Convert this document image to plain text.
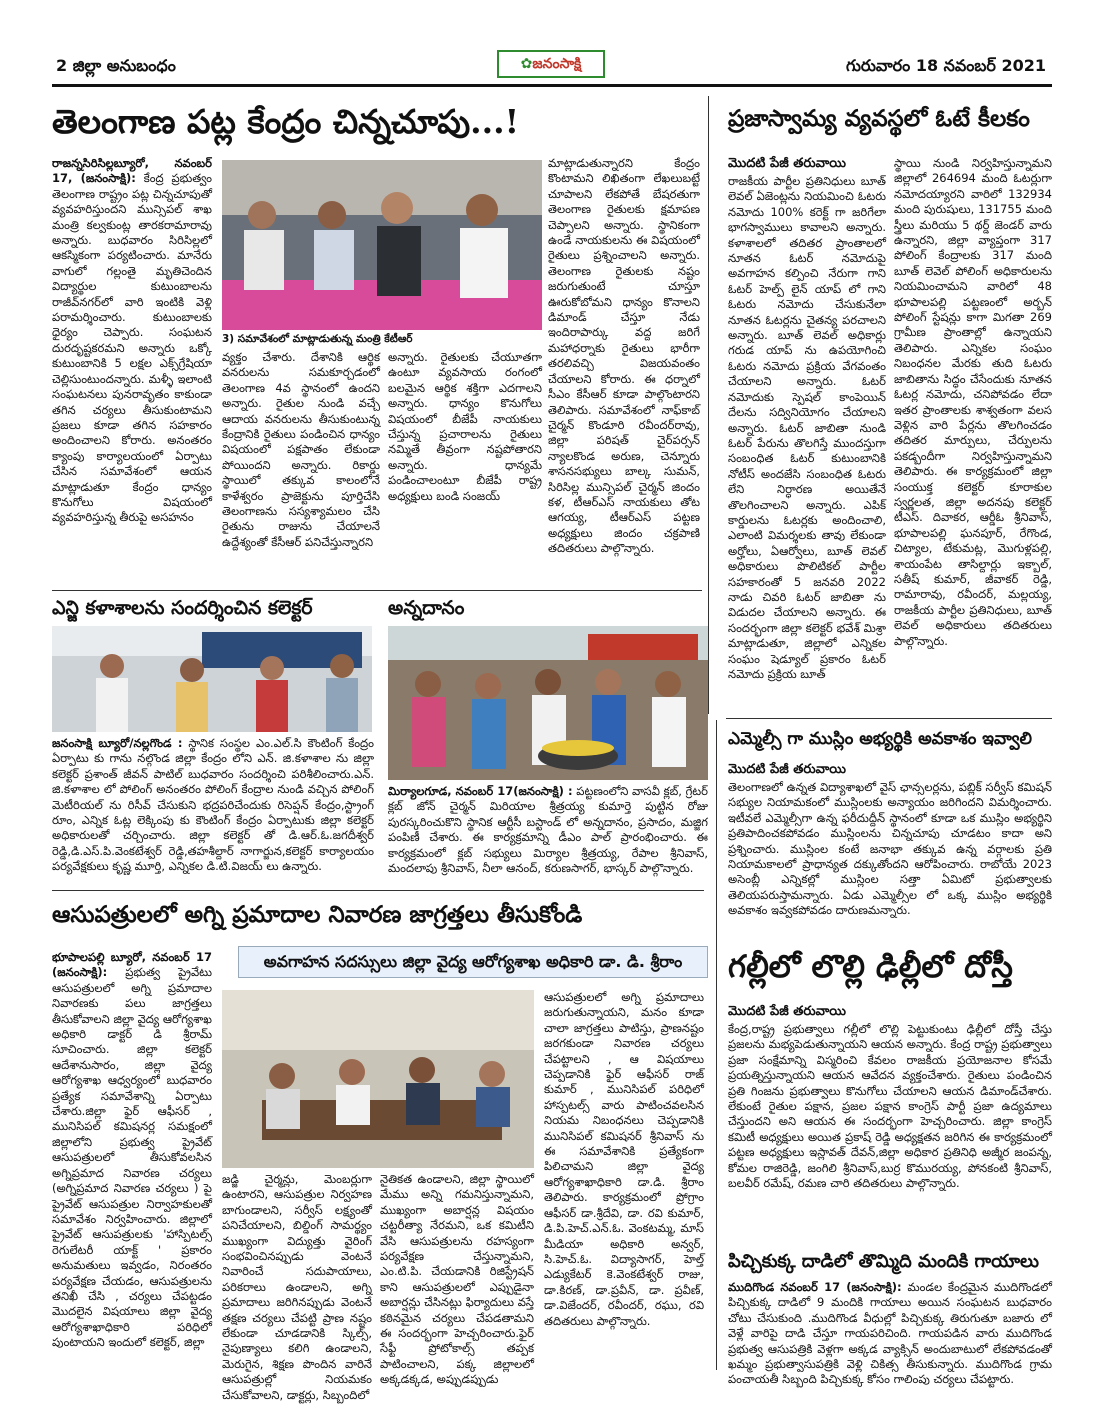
2 జిల్లా అనుబంధం	✿జనంసాక్షి	గురువారం 18 నవంబర్ 2021
తెలంగాణ పట్ల కేంద్రం చిన్నచూపు...!
3) సమావేశంలో మాట్లాడుతున్న మంత్రి కేటీఆర్
రాజన్నసిరిసిల్లబ్యూరో, నవంబర్ 17, (జనంసాక్షి): కేంద్ర ప్రభుత్వం తెలంగాణ రాష్ట్రం పట్ల చిన్నచూపుతో వ్యవహరిస్తుందని మున్సిపల్ శాఖ మంత్రి కల్వకుంట్ల తారకరామారావు అన్నారు. బుధవారం సిరిసిల్లలో ఆకస్మికంగా పర్యటించారు. మానేరు వాగులో గల్లంతై మృతిచెందిన విద్యార్థుల కుటుంబాలను రాజీవ్‌నగర్‌లో వారి ఇంటికి వెళ్లి పరామర్శించారు. కుటుంబాలకు ధైర్యం చెప్పారు. సంఘటన దురదృష్టకరమని అన్నారు ఒక్కో కుటుంబానికి 5 లక్షల ఎక్స్‌గ్రేషియా చెల్లిసుంటుందన్నారు. మళ్ళీ ఇలాంటి సంఘటనలు పునరావృతం కాకుండా తగిన చర్యలు తీసుకుంటామని ప్రజలు కూడా తగిన సహకారం అందించాలని కోరారు. అనంతరం క్యాంపు కార్యాలయంలో ఏర్పాటు చేసిన సమావేశంలో ఆయన మాట్లాడుతూ కేంద్రం ధాన్యం కొనుగోలు విషయంలో వ్యవహరిస్తున్న తీరుపై అసహనం
వ్యక్తం చేశారు. దేశానికి ఆర్థిక వనరులను సమకూర్చడంలో తెలంగాణ 4వ స్థానంలో ఉందని అన్నారు. రైతుల నుండి వచ్చే ఆదాయ వనరులను తీసుకుంటున్న కేంద్రానికి రైతులు పండించిన ధాన్యం విషయంలో పక్షపాతం లేకుండా పోయిందని అన్నారు. రికార్డు స్థాయిలో తక్కువ కాలంలోనే కాళేశ్వరం ప్రాజెక్టును పూర్తిచేసి తెలంగాణను సస్యశ్యామలం చేసి రైతును రాజును చేయాలనే ఉద్దేశ్యంతో కేసీఆర్ పనిచేస్తున్నారని
అన్నారు. రైతులకు చేయూతగా ఉంటూ వ్యవసాయ రంగంలో బలమైన ఆర్థిక శక్తిగా ఎదగాలని అన్నారు. ధాన్యం కొనుగోలు విషయంలో బీజేపీ నాయకులు చేస్తున్న ప్రచారాలను రైతులు నమ్మితే తీవ్రంగా నష్టపోతారని అన్నారు. ధాన్యమే పండించాలంటూ బీజేపీ రాష్ట్ర అధ్యక్షులు బండి సంజయ్
మాట్లాడుతున్నారని కేంద్రం కొంటామని లిఖితంగా లేఖలుబట్టే చూపాలని లేకపోతే బేషరతుగా తెలంగాణ రైతులకు క్షమాపణ చెప్పాలని అన్నారు. స్థానికంగా ఉండే నాయకులను ఈ విషయంలో రైతులు ప్రశ్నించాలని అన్నారు. తెలంగాణ రైతులకు నష్టం జరుగుతుంటే చూస్తూ ఊరుకోబోమని ధాన్యం కొనాలని డిమాండ్ చేస్తూ నేడు ఇందిరాపార్కు వద్ద జరిగే మహాధర్నాకు రైతులు భారీగా తరలివచ్చి విజయవంతం చేయాలని కోరారు. ఈ ధర్నాలో సీఎం కేసీఆర్ కూడా పాల్గొంటారని తెలిపారు. సమావేశంలో నాఫ్‌కాబ్ చైర్మన్ కొండూరి రవీందర్‌రావు, జిల్లా పరిషత్ చైర్‌పర్సన్ న్యాలకొండ అరుణ, చెన్నూరు శాసనసభ్యులు బాల్క సుమన్, సిరిసిల్ల మున్సిపల్ చైర్మన్ జిందం కళ, టీఆర్ఎస్ నాయకులు తోట ఆగయ్య, టీఆర్ఎస్ పట్టణ అధ్యక్షులు జిందం చక్రపాణి తదితరులు పాల్గొన్నారు.
ఎన్జి కళాశాలను సందర్శించిన కలెక్టర్
జనంసాక్షి బ్యూరో/నల్లగొండ : స్థానిక సంస్థల ఎం.ఎల్.సి కౌంటింగ్ కేంద్రం ఏర్పాటు కు గాను నల్గొండ జిల్లా కేంద్రం లోని ఎన్. జి.కళాశాల ను జిల్లా కలెక్టర్ ప్రశాంత్ జీవన్ పాటిల్ బుధవారం సందర్శించి పరిశీలించారు.ఎన్. జి.కళాశాల లో పోలింగ్ అనంతరం పోలింగ్ కేంద్రాల నుండి వచ్చిన పోలింగ్ మెటీరియల్ ను రిసీవ్ చేసుకుని భద్రపరిచేందుకు రిసెప్షన్ కేంద్రం,స్ట్రాంగ్ రూం, ఎన్నిక ఓట్ల లెక్కింపు కు కౌంటింగ్ కేంద్రం ఏర్పాటుకు జిల్లా కలెక్టర్ అధికారులతో చర్చించారు. జిల్లా కలెక్టర్ తో డి.ఆర్.ఓ.జగదీశ్వర్ రెడ్డి,డి.ఎస్.పి.వెంకటేశ్వర్ రెడ్డి,తహశీల్దార్ నాగార్జున,కలెక్టర్ కార్యాలయం పర్యవేక్షకులు కృష్ణ మూర్తి, ఎన్నికల డి.టి.విజయ్ లు ఉన్నారు.
అన్నదానం
మిర్యాలగూడ, నవంబర్ 17(జనంసాక్షి) : పట్టణంలోని వాసవీ క్లబ్, గ్రేటర్ క్లబ్ జోన్ చైర్మన్ మిరియాల శ్రీత్రయ్య కుమార్తె పుట్టిన రోజు పురస్కరించుకొని స్థానిక ఆర్టీసీ బస్టాండ్ లో అన్నదానం, ప్రసాదం, మజ్జిగ పంపిణీ చేశారు. ఈ కార్యక్రమాన్ని డీఎం పాల్ ప్రారంభించారు. ఈ కార్యక్రమంలో క్లబ్ సభ్యులు మిర్యాల శ్రీత్రయ్య, రేపాల శ్రీనివాస్, మందలాపు శ్రీనివాస్, నీలా ఆనంద్, కరుణసాగర్, భాస్కర్ పాల్గొన్నారు.
ప్రజాస్వామ్య వ్యవస్థలో ఓటే కీలకం
మొదటి పేజీ తరువాయి
రాజకీయ పార్టీల ప్రతినిధులు బూత్ లెవల్ ఏజెంట్లను నియమించి ఓటరు నమోదు 100% కరెక్ట్ గా జరిగేలా భాగస్వాములు కావాలని అన్నారు. కళాశాలలో తదితర ప్రాంతాలలో నూతన ఓటర్ నమోదుపై అవగాహన కల్పించి నేరుగా గాని ఓటర్ హెల్ప్ లైన్ యాప్ లో గాని ఓటరు నమోదు చేసుకునేలా నూతన ఓటర్లను చైతన్య పరచాలని అన్నారు. బూత్ లెవల్ అధికార్లు గరుడ యాప్ ను ఉపయోగించి ఓటరు నమోదు ప్రక్రియ వేగవంతం చేయాలని అన్నారు. ఓటర్ నమోదుకు స్పెషల్ కాంపెయిన్ దేలను సద్వినియోగం చేయాలని అన్నారు. ఓటర్ జాబితా నుండి ఓటర్ పేరును తొలగిస్తే ముందస్తుగా సంబంధిత ఓటర్ కుటుంబానికి నోటీస్ అందజేసి సంబంధిత ఓటరు లేని నిర్ధారణ అయితేనే తొలగించాలని అన్నారు. ఎపిక్ కార్డులను ఓటర్లకు అందించాలి, ఎలాంటి విమర్శలకు తావు లేకుండా అర్హోలు, ఏఆర్వోలు, బూత్ లెవల్ అధికారులు పొలిటికల్ పార్టీల సహకారంతో 5 జనవరి 2022 నాడు చివరి ఓటర్ జాబితా ను విడుదల చేయాలని అన్నారు. ఈ సందర్భంగా జిల్లా కలెక్టర్ భవేశ్ మిశ్రా మాట్లాడుతూ, జిల్లాలో ఎన్నికల సంఘం షెడ్యూల్ ప్రకారం ఓటర్ నమోదు ప్రక్రియ బూత్
స్థాయి నుండి నిర్వహిస్తున్నామని జిల్లాలో 264694 మంది ఓటర్లుగా నమోదయ్యారని వారిలో 132934 మంది పురుషులు, 131755 మంది స్త్రీలు మరియు 5 థర్డ్ జెండర్ వారు ఉన్నారని, జిల్లా వ్యాప్తంగా 317 పోలింగ్ కేంద్రాలకు 317 మంది బూత్ లెవెల్ పోలింగ్ అధికారులను నియమించామని వారిలో 48 భూపాలపల్లి పట్టణంలో అర్బన్ పోలింగ్ స్టేషన్లు కాగా మిగతా 269 గ్రామీణ ప్రాంతాల్లో ఉన్నాయని తెలిపారు. ఎన్నికల సంఘం నిబంధనల మేరకు తుది ఓటరు జాబితాను సిద్ధం చేసేందుకు నూతన ఓటర్ల నమోదు, చనిపోవడం లేదా ఇతర ప్రాంతాలకు శాశ్వతంగా వలస వెళ్లిన వారి పేర్లను తొలగించడం తదితర మార్పులు, చేర్పులను పకడ్బందీగా నిర్వహిస్తున్నామని తెలిపారు. ఈ కార్యక్రమంలో జిల్లా సంయుక్త కలెక్టర్ కూరాకుల స్వర్ణలత, జిల్లా అదనపు కలెక్టర్ టీఎస్. దివాకర, ఆర్డీఓ శ్రీనివాస్, భూపాలపల్లి ఘనపూర్, రేగొండ, చిట్యాల, టేకుమట్ల, మొగుళ్లపల్లి, శాయంపేట తాసిల్దార్లు ఇక్బాల్, సతీష్ కుమార్, జీవాకర్ రెడ్డి, రామారావు, రవీందర్, మల్లయ్య, రాజకీయ పార్టీల ప్రతినిధులు, బూత్ లెవల్ అధికారులు తదితరులు పాల్గొన్నారు.
ఎమ్మెల్సీ గా ముస్లిం అభ్యర్థికి అవకాశం ఇవ్వాలి
మొదటి పేజీ తరువాయి
తెలంగాణలో ఉన్నత విద్యాశాఖలో వైస్ ఛాన్సలర్లను, పబ్లిక్ సర్వీస్ కమిషన్ సభ్యుల నియామకంలో ముస్లింలకు అన్యాయం జరిగిందని విమర్శించారు. ఇటీవలే ఎమ్మెల్సీగా ఉన్న ఫరీదుద్దీన్ స్థానంలో కూడా ఒక ముస్లిం అభ్యర్థిని ప్రతిపాదించకపోవడం ముస్లింలను చిన్నచూపు చూడటం కాదా అని ప్రశ్నించారు. ముస్లింల కంటే జనాభా తక్కువ ఉన్న వర్గాలకు ప్రతి నియామకాలలో ప్రాధాన్యత దక్కుతోందని ఆరోపించారు. రాబోయే 2023 అసెంబ్లీ ఎన్నికల్లో ముస్లింల సత్తా ఏమిటో ప్రభుత్వాలకు తెలియపరుస్తామన్నారు. ఏడు ఎమ్మెల్సీల లో ఒక్క ముస్లిం అభ్యర్థికి అవకాశం ఇవ్వకపోవడం దారుణమన్నారు.
ఆసుపత్రులలో అగ్ని ప్రమాదాల నివారణ జాగ్రత్తలు తీసుకోండి
అవగాహన సదస్సులు జిల్లా వైద్య ఆరోగ్యశాఖ అధికారి డా. డి. శ్రీరాం
భూపాలపల్లి బ్యూరో, నవంబర్ 17 (జనంసాక్షి): ప్రభుత్వ ప్రైవేటు ఆసుపత్రులలో అగ్ని ప్రమాదాల నివారణకు పలు జాగ్రత్తలు తీసుకోవాలని జిల్లా వైద్య ఆరోగ్యశాఖ అధికారి డాక్టర్ డి శ్రీరామ్ సూచించారు. జిల్లా కలెక్టర్ ఆదేశానుసారం, జిల్లా వైద్య ఆరోగ్యశాఖ ఆధ్వర్యంలో బుధవారం ప్రత్యేక సమావేశాన్ని ఏర్పాటు చేశారు.జిల్లా ఫైర్ ఆఫీసర్ , మునిసిపల్ కమిషనర్ల సమక్షంలో జిల్లాలోని ప్రభుత్వ ప్రైవేట్ ఆసుపత్రులలో తీసుకోవలసిన అగ్నిప్రమాద నివారణ చర్యలు (అగ్నిప్రమాద నివారణ చర్యలు ) పై ప్రైవేట్ ఆసుపత్రుల నిర్వాహకులతో సమావేశం నిర్వహించారు. జిల్లాలో ప్రైవేట్ ఆసుపత్రులకు 'హాస్పిటల్స్ రెగులేటరీ యాక్ట్ ' ప్రకారం అనుమతులు ఇవ్వడం, నిరంతరం పర్యవేక్షణ చేయడం, ఆసుపత్రులను తనిఖీ చేసి , చర్యలు చేపట్టడం మొదలైన విషయాలు జిల్లా వైద్య ఆరోగ్యశాఖాధికారి పరిధిలో పుంటాయని ఇందులో కలెక్టర్, జిల్లా
జడ్జి చైర్మన్లు, మెంబర్లుగా ఉంటారని, ఆసుపత్రుల నిర్వహణ బాగుండాలని, సర్వీస్ లక్ష్యంతో పనిచేయాలని, బిల్డింగ్ సామర్థ్యం ముఖ్యంగా విద్యుత్తు వైరింగ్ సంభవించినప్పుడు వెంటనే నివారించే సదుపాయాలు, పరికరాలు ఉండాలని, అగ్ని ప్రమాదాలు జరిగినప్పుడు వెంటనే తక్షణ చర్యలు చేపట్టి ప్రాణ నష్టం లేకుండా చూడడానికి స్కిల్స్, నైపుణ్యాలు కలిగి ఉండాలని, మెరుగైన, శిక్షణ పొందిన వారినే ఆసుపత్రుల్లో నియమకం చేసుకోవాలని, డాక్టర్లు, సిబ్బందిలో
నైతికత ఉండాలని, జిల్లా స్థాయిలో మేము అన్ని గమనిస్తున్నామని, ముఖ్యంగా అబార్షన్ల విషయం చట్టరీత్యా నేరమని, ఒక కమిటీని వేసి ఆసుపత్రులను రహస్యంగా పర్యవేక్షణ చేస్తున్నామని, ఎం.టి.పి. చేయడానికి రిజిస్ట్రేషన్ కాని ఆసుపత్రులలో ఎప్పుడైనా అబార్షన్లు చేసినట్లు ఫిర్యాదులు వస్తే కఠినమైన చర్యలు చేపడతామని ఈ సందర్భంగా హెచ్చరించారు.ఫైర్ సేఫ్టీ ప్రోటోకాల్స్ తప్పక పాటించాలని, పక్క జిల్లాలలో అక్కడక్కడ, అప్పుడప్పుడు
ఆసుపత్రులలో అగ్ని ప్రమాదాలు జరుగుతున్నాయని, మనం కూడా చాలా జాగ్రత్తలు పాటిస్తు, ప్రాణనష్టం జరగకుండా నివారణ చర్యలు చేపట్టాలని , ఆ విషయాలు చెప్పడానికి ఫైర్ ఆఫీసర్ రాజ్ కుమార్ , మునిసిపల్ పరిధిలో హాస్పటల్స్ వారు పాటించవలసిన నియమ నిబంధనలు చెప్పడానికి మునిసిపల్ కమిషనర్ శ్రీనివాస్ ను ఈ సమావేశానికి ప్రత్యేకంగా పిలిచామని జిల్లా వైద్య ఆరోగ్యశాఖాధికారి డా.డి. శ్రీరాం తెలిపారు. కార్యక్రమంలో ప్రోగ్రాం ఆఫీసర్ డా.శ్రీదేవి, డా. రవి కుమార్, డి.పి.హెచ్.ఎన్.ఓ. వెంకటమ్మ, మాస్ మీడియా అధికారి అన్వర్, సి.హెచ్.ఓ. విద్యాసాగర్, హెల్త్ ఎడ్యుకేటర్ కె.వెంకటేశ్వర్ రాజు, డా.కిరణ్, డా.ప్రవీన్, డా. ప్రవీణ్, డా.విజేందర్, రవీందర్, రఘు, రవి తదితరులు పాల్గొన్నారు.
గల్లీలో లొల్లి ఢిల్లీలో దోస్తీ
మొదటి పేజీ తరువాయి
కేంద్ర,రాష్ట్ర ప్రభుత్వాలు గల్లీలో లొల్లి పెట్టుకుంటు ఢిల్లీలో దోస్తీ చేస్తు ప్రజలను మభ్యపెడుతున్నాయని ఆయన అన్నారు. కేంద్ర రాష్ట్ర ప్రభుత్వాలు ప్రజా సంక్షేమాన్ని విస్మరించి కేవలం రాజకీయ ప్రయోజనాల కోసమే ప్రయత్నిస్తున్నాయని ఆయన ఆవేదన వ్యక్తంచేశారు. రైతులు పండించిన ప్రతి గింజను ప్రభుత్వాలు కొనుగోలు చేయాలని ఆయన డిమాండ్‌చేశారు. లేకుంటే రైతుల పక్షాన, ప్రజల పక్షాన కాంగ్రెస్ పార్టీ ప్రజా ఉద్యమాలు చేస్తుందని అని ఆయన ఈ సందర్భంగా హెచ్చరించారు. జిల్లా కాంగ్రెస్ కమిటీ అధ్యక్షులు అయిత ప్రకాష్ రెడ్డి అధ్యక్షతన జరిగిన ఈ కార్యక్రమంలో పట్టణ అధ్యక్షులు ఇస్లావత్ దేవన్,జిల్లా అధికార ప్రతినిధి అజ్మీర జంపన్న, కోమల రాజిరెడ్డి, జంగిలి శ్రీనివాస్,బుర్ర కొమురయ్య, పోనకంటి శ్రీనివాస్, బలవీర్ రమేష్, రమణ చారి తదితరులు పాల్గొన్నారు.
పిచ్చికుక్క దాడిలో తొమ్మిది మందికి గాయాలు
ముదిగొండ నవంబర్ 17 (జనంసాక్షి): మండల కేంద్రమైన ముదిగొండలో పిచ్చికుక్క దాడిలో 9 మందికి గాయాలు అయిన సంఘటన బుధవారం చోటు చేసుకుంది .ముదిగొండ వీధుల్లో పిచ్చికుక్క తిరుగుతూ బజారు లో వెళ్లే వారిపై దాడి చేస్తూ గాయపరిచింది. గాయపడిన వారు ముదిగొండ ప్రభుత్వ ఆసుపత్రికి వెళ్లగా అక్కడ వ్యాక్సిన్ అందుబాటులో లేకపోవడంతో ఖమ్మం ప్రభుత్వాసుపత్రికి వెళ్లి చికిత్స తీసుకున్నారు. ముదిగొండ గ్రామ పంచాయతీ సిబ్బంది పిచ్చికుక్క కోసం గాలింపు చర్యలు చేపట్టారు.
